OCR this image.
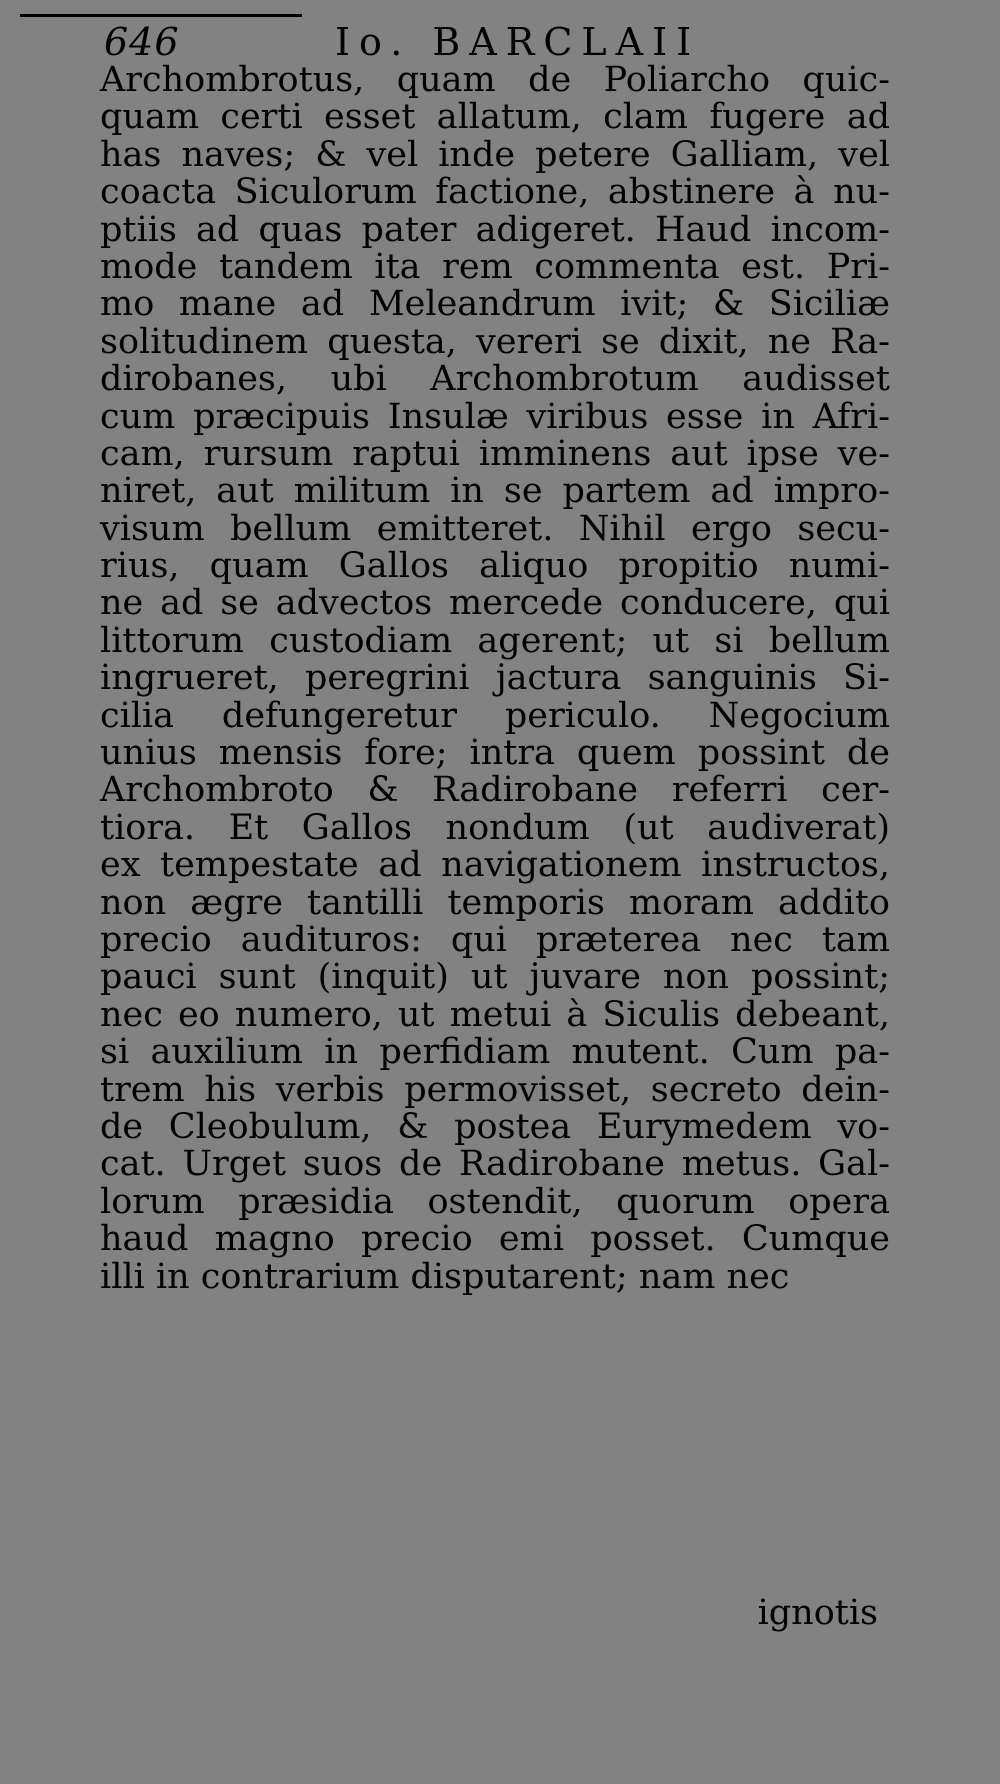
646	Io. BARCLAII
Archombrotus, quam de Poliarcho quic-
quam certi esset allatum, clam fugere ad
has naves; & vel inde petere Galliam, vel
coacta Siculorum factione, abstinere à nu-
ptiis ad quas pater adigeret. Haud incom-
mode tandem ita rem commenta est. Pri-
mo mane ad Meleandrum ivit; & Siciliæ
solitudinem questa, vereri se dixit, ne Ra-
dirobanes, ubi Archombrotum audisset
cum præcipuis Insulæ viribus esse in Afri-
cam, rursum raptui imminens aut ipse ve-
niret, aut militum in se partem ad impro-
visum bellum emitteret. Nihil ergo secu-
rius, quam Gallos aliquo propitio numi-
ne ad se advectos mercede conducere, qui
littorum custodiam agerent; ut si bellum
ingrueret, peregrini jactura sanguinis Si-
cilia defungeretur periculo. Negocium
unius mensis fore; intra quem possint de
Archombroto & Radirobane referri cer-
tiora. Et Gallos nondum (ut audiverat)
ex tempestate ad navigationem instructos,
non ægre tantilli temporis moram addito
precio audituros: qui præterea nec tam
pauci sunt (inquit) ut juvare non possint;
nec eo numero, ut metui à Siculis debeant,
si auxilium in perfidiam mutent. Cum pa-
trem his verbis permovisset, secreto dein-
de Cleobulum, & postea Eurymedem vo-
cat. Urget suos de Radirobane metus. Gal-
lorum præsidia ostendit, quorum opera
haud magno precio emi posset. Cumque
illi in contrarium disputarent; nam nec
ignotis
